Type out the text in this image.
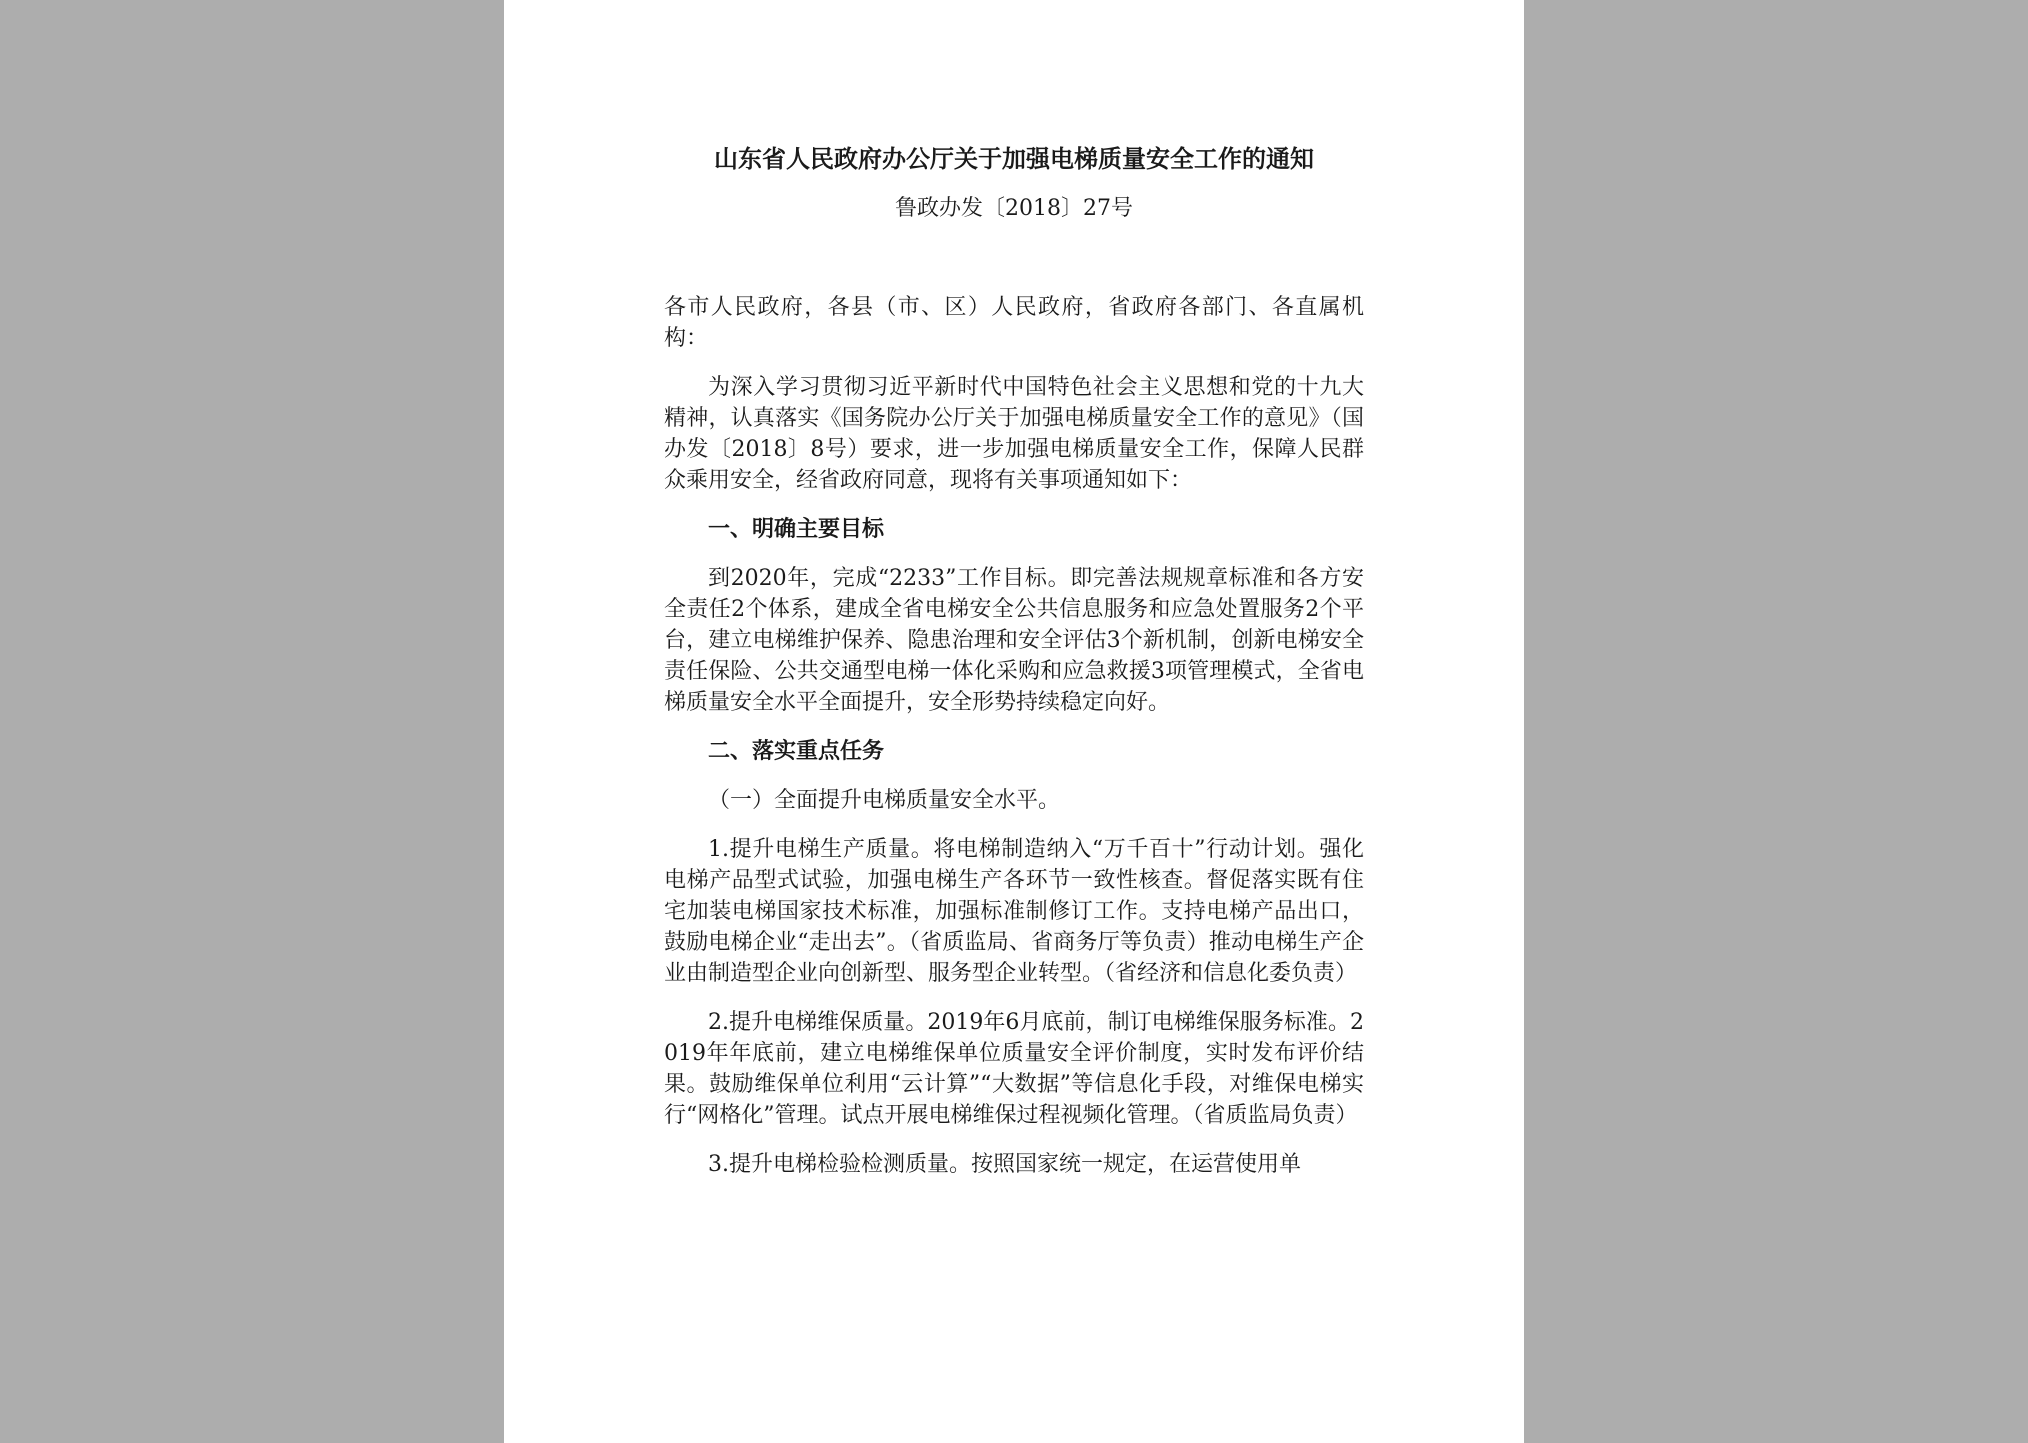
山东省人民政府办公厅关于加强电梯质量安全工作的通知
鲁政办发〔2018〕27号

各市人民政府，各县（市、区）人民政府，省政府各部门、各直属机构：

为深入学习贯彻习近平新时代中国特色社会主义思想和党的十九大精神，认真落实《国务院办公厅关于加强电梯质量安全工作的意见》（国办发〔2018〕8号）要求，进一步加强电梯质量安全工作，保障人民群众乘用安全，经省政府同意，现将有关事项通知如下：

一、明确主要目标

到2020年，完成“2233”工作目标。即完善法规规章标准和各方安全责任2个体系，建成全省电梯安全公共信息服务和应急处置服务2个平台，建立电梯维护保养、隐患治理和安全评估3个新机制，创新电梯安全责任保险、公共交通型电梯一体化采购和应急救援3项管理模式，全省电梯质量安全水平全面提升，安全形势持续稳定向好。

二、落实重点任务

（一）全面提升电梯质量安全水平。

1.提升电梯生产质量。将电梯制造纳入“万千百十”行动计划。强化电梯产品型式试验，加强电梯生产各环节一致性核查。督促落实既有住宅加装电梯国家技术标准，加强标准制修订工作。支持电梯产品出口，鼓励电梯企业“走出去”。（省质监局、省商务厅等负责）推动电梯生产企业由制造型企业向创新型、服务型企业转型。（省经济和信息化委负责）

2.提升电梯维保质量。2019年6月底前，制订电梯维保服务标准。2019年年底前，建立电梯维保单位质量安全评价制度，实时发布评价结果。鼓励维保单位利用“云计算”“大数据”等信息化手段，对维保电梯实行“网格化”管理。试点开展电梯维保过程视频化管理。（省质监局负责）

3.提升电梯检验检测质量。按照国家统一规定，在运营使用单
